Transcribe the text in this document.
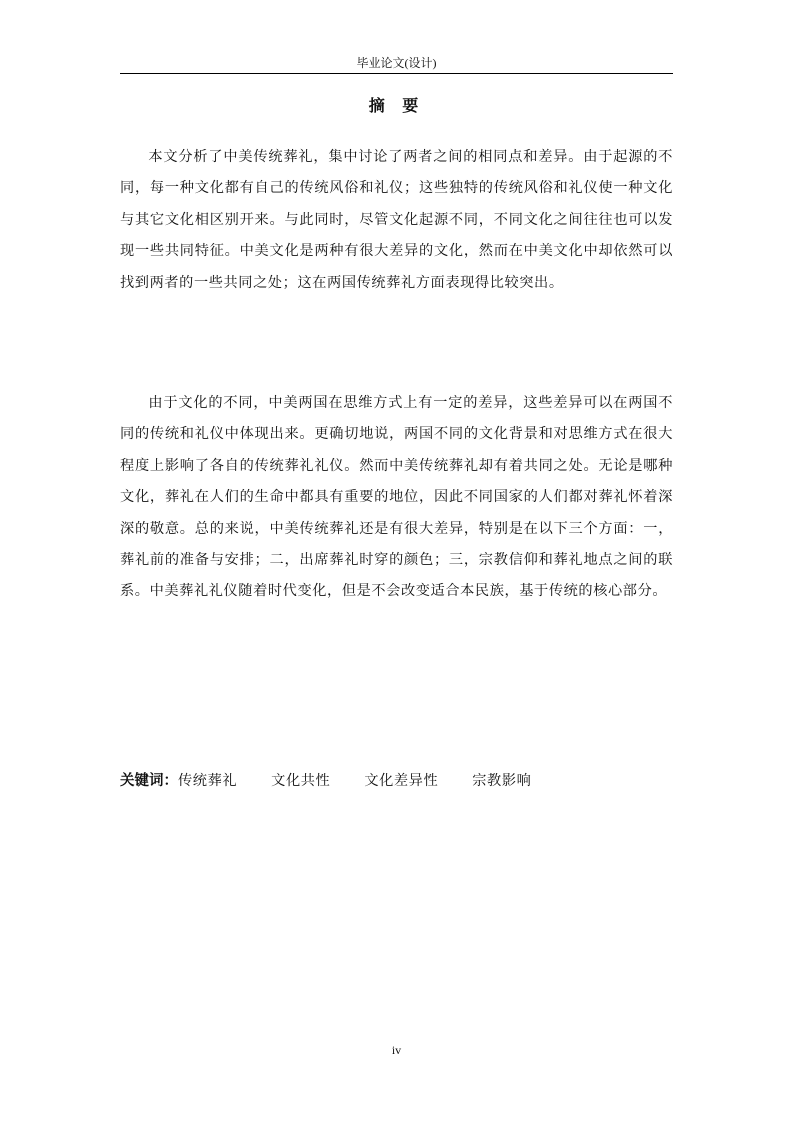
毕业论文(设计)
摘 要

本文分析了中美传统葬礼，集中讨论了两者之间的相同点和差异。由于起源的不同，每一种文化都有自己的传统风俗和礼仪；这些独特的传统风俗和礼仪使一种文化与其它文化相区别开来。与此同时，尽管文化起源不同，不同文化之间往往也可以发现一些共同特征。中美文化是两种有很大差异的文化，然而在中美文化中却依然可以找到两者的一些共同之处；这在两国传统葬礼方面表现得比较突出。

由于文化的不同，中美两国在思维方式上有一定的差异，这些差异可以在两国不同的传统和礼仪中体现出来。更确切地说，两国不同的文化背景和对思维方式在很大程度上影响了各自的传统葬礼礼仪。然而中美传统葬礼却有着共同之处。无论是哪种文化，葬礼在人们的生命中都具有重要的地位，因此不同国家的人们都对葬礼怀着深深的敬意。总的来说，中美传统葬礼还是有很大差异，特别是在以下三个方面：一，葬礼前的准备与安排；二，出席葬礼时穿的颜色；三，宗教信仰和葬礼地点之间的联系。中美葬礼礼仪随着时代变化，但是不会改变适合本民族，基于传统的核心部分。

关键词：传统葬礼 文化共性 文化差异性 宗教影响
iv
